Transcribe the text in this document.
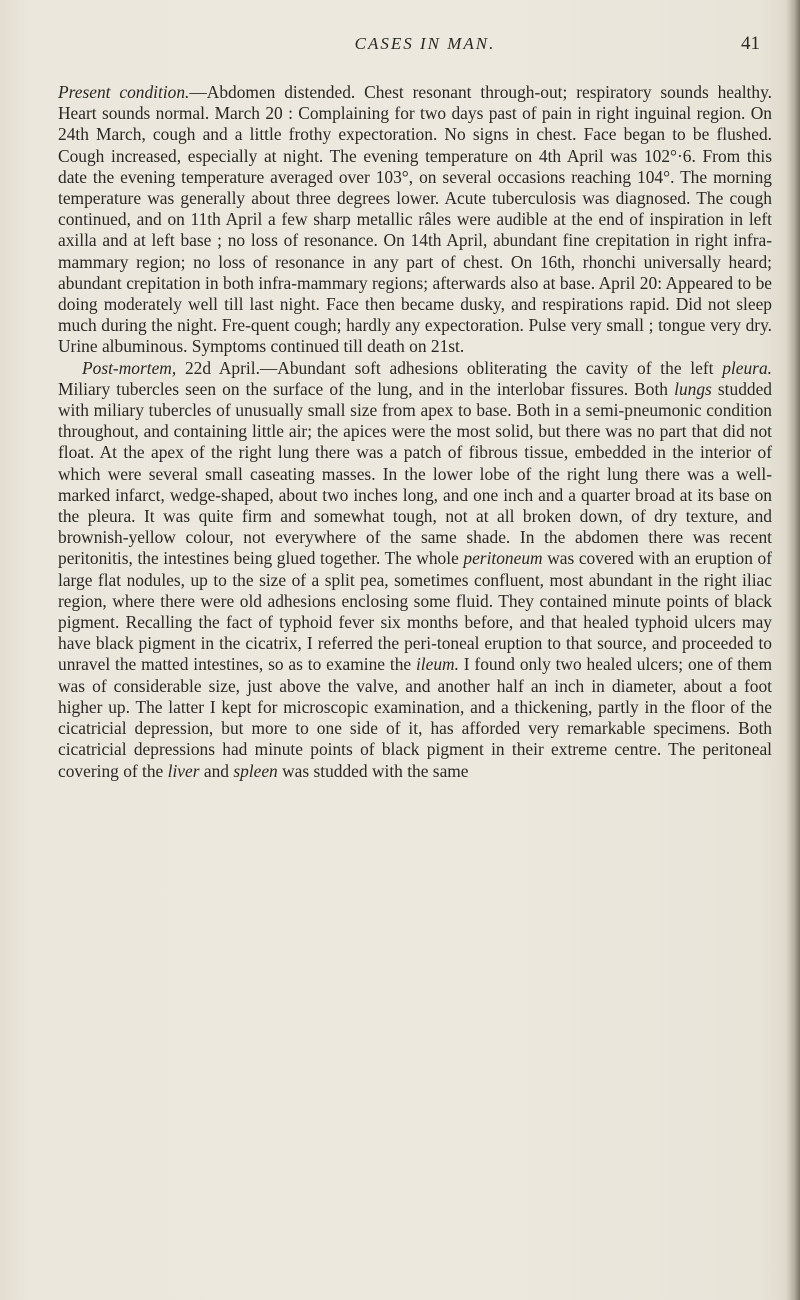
CASES IN MAN.	41

Present condition.—Abdomen distended. Chest resonant through-out; respiratory sounds healthy. Heart sounds normal. March 20 : Complaining for two days past of pain in right inguinal region. On 24th March, cough and a little frothy expectoration. No signs in chest. Face began to be flushed. Cough increased, especially at night. The evening temperature on 4th April was 102°·6. From this date the evening temperature averaged over 103°, on several occasions reaching 104°. The morning temperature was generally about three degrees lower. Acute tuberculosis was diagnosed. The cough continued, and on 11th April a few sharp metallic râles were audible at the end of inspiration in left axilla and at left base ; no loss of resonance. On 14th April, abundant fine crepitation in right infra-mammary region; no loss of resonance in any part of chest. On 16th, rhonchi universally heard; abundant crepitation in both infra-mammary regions; afterwards also at base. April 20: Appeared to be doing moderately well till last night. Face then became dusky, and respirations rapid. Did not sleep much during the night. Fre-quent cough; hardly any expectoration. Pulse very small ; tongue very dry. Urine albuminous. Symptoms continued till death on 21st.

Post-mortem, 22d April.—Abundant soft adhesions obliterating the cavity of the left pleura. Miliary tubercles seen on the surface of the lung, and in the interlobar fissures. Both lungs studded with miliary tubercles of unusually small size from apex to base. Both in a semi-pneumonic condition throughout, and containing little air; the apices were the most solid, but there was no part that did not float. At the apex of the right lung there was a patch of fibrous tissue, embedded in the interior of which were several small caseating masses. In the lower lobe of the right lung there was a well-marked infarct, wedge-shaped, about two inches long, and one inch and a quarter broad at its base on the pleura. It was quite firm and somewhat tough, not at all broken down, of dry texture, and brownish-yellow colour, not everywhere of the same shade. In the abdomen there was recent peritonitis, the intestines being glued together. The whole peritoneum was covered with an eruption of large flat nodules, up to the size of a split pea, sometimes confluent, most abundant in the right iliac region, where there were old adhesions enclosing some fluid. They contained minute points of black pigment. Recalling the fact of typhoid fever six months before, and that healed typhoid ulcers may have black pigment in the cicatrix, I referred the peri-toneal eruption to that source, and proceeded to unravel the matted intestines, so as to examine the ileum. I found only two healed ulcers; one of them was of considerable size, just above the valve, and another half an inch in diameter, about a foot higher up. The latter I kept for microscopic examination, and a thickening, partly in the floor of the cicatricial depression, but more to one side of it, has afforded very remarkable specimens. Both cicatricial depressions had minute points of black pigment in their extreme centre. The peritoneal covering of the liver and spleen was studded with the same
